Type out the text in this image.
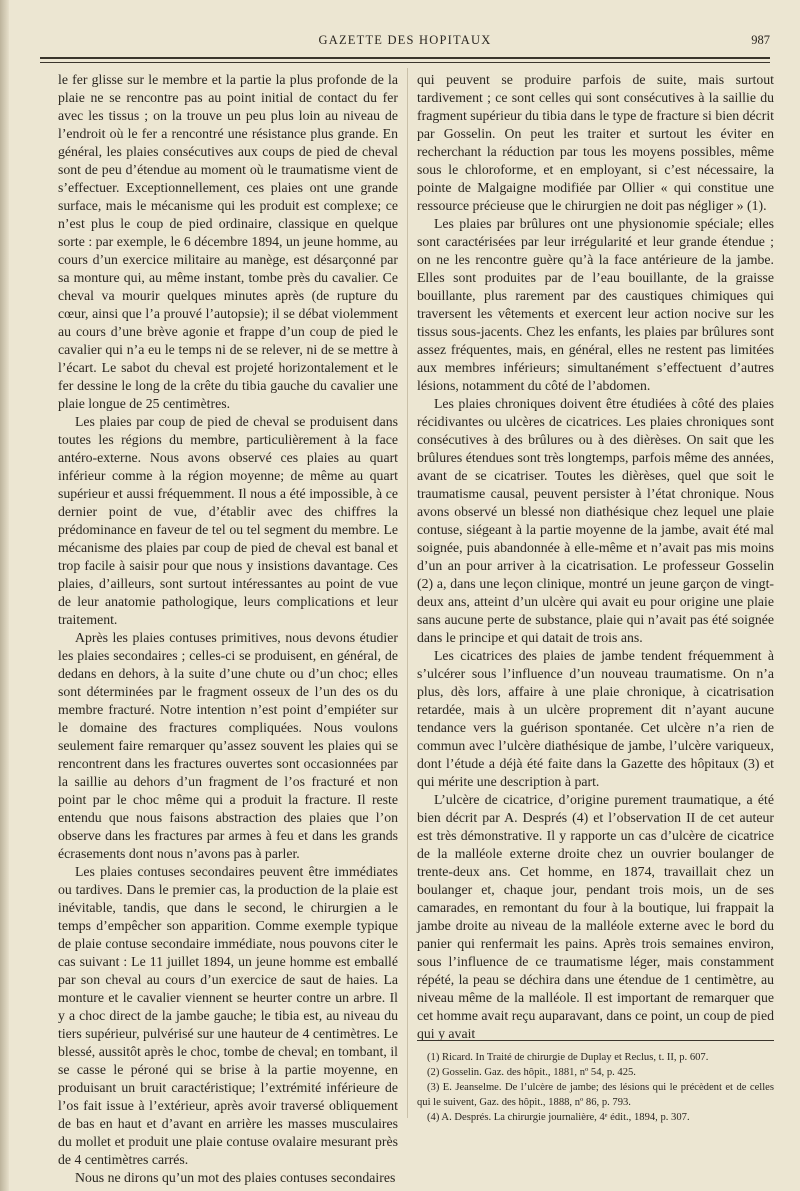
GAZETTE DES HOPITAUX	987

le fer glisse sur le membre et la partie la plus profonde de la plaie ne se rencontre pas au point initial de contact du fer avec les tissus ; on la trouve un peu plus loin au niveau de l’endroit où le fer a rencontré une résistance plus grande. En général, les plaies consécutives aux coups de pied de cheval sont de peu d’étendue au moment où le traumatisme vient de s’effectuer. Exceptionnellement, ces plaies ont une grande surface, mais le mécanisme qui les produit est complexe; ce n’est plus le coup de pied ordinaire, classique en quelque sorte : par exemple, le 6 décembre 1894, un jeune homme, au cours d’un exercice militaire au manège, est désarçonné par sa monture qui, au même instant, tombe près du cavalier. Ce cheval va mourir quelques minutes après (de rupture du cœur, ainsi que l’a prouvé l’autopsie); il se débat violemment au cours d’une brève agonie et frappe d’un coup de pied le cavalier qui n’a eu le temps ni de se relever, ni de se mettre à l’écart. Le sabot du cheval est projeté horizontalement et le fer dessine le long de la crête du tibia gauche du cavalier une plaie longue de 25 centimètres.

Les plaies par coup de pied de cheval se produisent dans toutes les régions du membre, particulièrement à la face antéro-externe. Nous avons observé ces plaies au quart inférieur comme à la région moyenne; de même au quart supérieur et aussi fréquemment. Il nous a été impossible, à ce dernier point de vue, d’établir avec des chiffres la prédominance en faveur de tel ou tel segment du membre. Le mécanisme des plaies par coup de pied de cheval est banal et trop facile à saisir pour que nous y insistions davantage. Ces plaies, d’ailleurs, sont surtout intéressantes au point de vue de leur anatomie pathologique, leurs complications et leur traitement.

Après les plaies contuses primitives, nous devons étudier les plaies secondaires ; celles-ci se produisent, en général, de dedans en dehors, à la suite d’une chute ou d’un choc; elles sont déterminées par le fragment osseux de l’un des os du membre fracturé. Notre intention n’est point d’empiéter sur le domaine des fractures compliquées. Nous voulons seulement faire remarquer qu’assez souvent les plaies qui se rencontrent dans les fractures ouvertes sont occasionnées par la saillie au dehors d’un fragment de l’os fracturé et non point par le choc même qui a produit la fracture. Il reste entendu que nous faisons abstraction des plaies que l’on observe dans les fractures par armes à feu et dans les grands écrasements dont nous n’avons pas à parler.

Les plaies contuses secondaires peuvent être immédiates ou tardives. Dans le premier cas, la production de la plaie est inévitable, tandis, que dans le second, le chirurgien a le temps d’empêcher son apparition. Comme exemple typique de plaie contuse secondaire immédiate, nous pouvons citer le cas suivant : Le 11 juillet 1894, un jeune homme est emballé par son cheval au cours d’un exercice de saut de haies. La monture et le cavalier viennent se heurter contre un arbre. Il y a choc direct de la jambe gauche; le tibia est, au niveau du tiers supérieur, pulvérisé sur une hauteur de 4 centimètres. Le blessé, aussitôt après le choc, tombe de cheval; en tombant, il se casse le péroné qui se brise à la partie moyenne, en produisant un bruit caractéristique; l’extrémité inférieure de l’os fait issue à l’extérieur, après avoir traversé obliquement de bas en haut et d’avant en arrière les masses musculaires du mollet et produit une plaie contuse ovalaire mesurant près de 4 centimètres carrés.

Nous ne dirons qu’un mot des plaies contuses secondaires

qui peuvent se produire parfois de suite, mais surtout tardivement ; ce sont celles qui sont consécutives à la saillie du fragment supérieur du tibia dans le type de fracture si bien décrit par Gosselin. On peut les traiter et surtout les éviter en recherchant la réduction par tous les moyens possibles, même sous le chloroforme, et en employant, si c’est nécessaire, la pointe de Malgaigne modifiée par Ollier « qui constitue une ressource précieuse que le chirurgien ne doit pas négliger » (1).

Les plaies par brûlures ont une physionomie spéciale; elles sont caractérisées par leur irrégularité et leur grande étendue ; on ne les rencontre guère qu’à la face antérieure de la jambe. Elles sont produites par de l’eau bouillante, de la graisse bouillante, plus rarement par des caustiques chimiques qui traversent les vêtements et exercent leur action nocive sur les tissus sous-jacents. Chez les enfants, les plaies par brûlures sont assez fréquentes, mais, en général, elles ne restent pas limitées aux membres inférieurs; simultanément s’effectuent d’autres lésions, notamment du côté de l’abdomen.

Les plaies chroniques doivent être étudiées à côté des plaies récidivantes ou ulcères de cicatrices. Les plaies chroniques sont consécutives à des brûlures ou à des dièrèses. On sait que les brûlures étendues sont très longtemps, parfois même des années, avant de se cicatriser. Toutes les dièrèses, quel que soit le traumatisme causal, peuvent persister à l’état chronique. Nous avons observé un blessé non diathésique chez lequel une plaie contuse, siégeant à la partie moyenne de la jambe, avait été mal soignée, puis abandonnée à elle-même et n’avait pas mis moins d’un an pour arriver à la cicatrisation. Le professeur Gosselin (2) a, dans une leçon clinique, montré un jeune garçon de vingt-deux ans, atteint d’un ulcère qui avait eu pour origine une plaie sans aucune perte de substance, plaie qui n’avait pas été soignée dans le principe et qui datait de trois ans.

Les cicatrices des plaies de jambe tendent fréquemment à s’ulcérer sous l’influence d’un nouveau traumatisme. On n’a plus, dès lors, affaire à une plaie chronique, à cicatrisation retardée, mais à un ulcère proprement dit n’ayant aucune tendance vers la guérison spontanée. Cet ulcère n’a rien de commun avec l’ulcère diathésique de jambe, l’ulcère variqueux, dont l’étude a déjà été faite dans la Gazette des hôpitaux (3) et qui mérite une description à part.

L’ulcère de cicatrice, d’origine purement traumatique, a été bien décrit par A. Després (4) et l’observation II de cet auteur est très démonstrative. Il y rapporte un cas d’ulcère de cicatrice de la malléole externe droite chez un ouvrier boulanger de trente-deux ans. Cet homme, en 1874, travaillait chez un boulanger et, chaque jour, pendant trois mois, un de ses camarades, en remontant du four à la boutique, lui frappait la jambe droite au niveau de la malléole externe avec le bord du panier qui renfermait les pains. Après trois semaines environ, sous l’influence de ce traumatisme léger, mais constamment répété, la peau se déchira dans une étendue de 1 centimètre, au niveau même de la malléole. Il est important de remarquer que cet homme avait reçu auparavant, dans ce point, un coup de pied qui y avait

(1) Ricard. In Traité de chirurgie de Duplay et Reclus, t. II, p. 607.

(2) Gosselin. Gaz. des hôpit., 1881, nº 54, p. 425.

(3) E. Jeanselme. De l’ulcère de jambe; des lésions qui le précèdent et de celles qui le suivent, Gaz. des hôpit., 1888, nº 86, p. 793.

(4) A. Després. La chirurgie journalière, 4ᵉ édit., 1894, p. 307.
